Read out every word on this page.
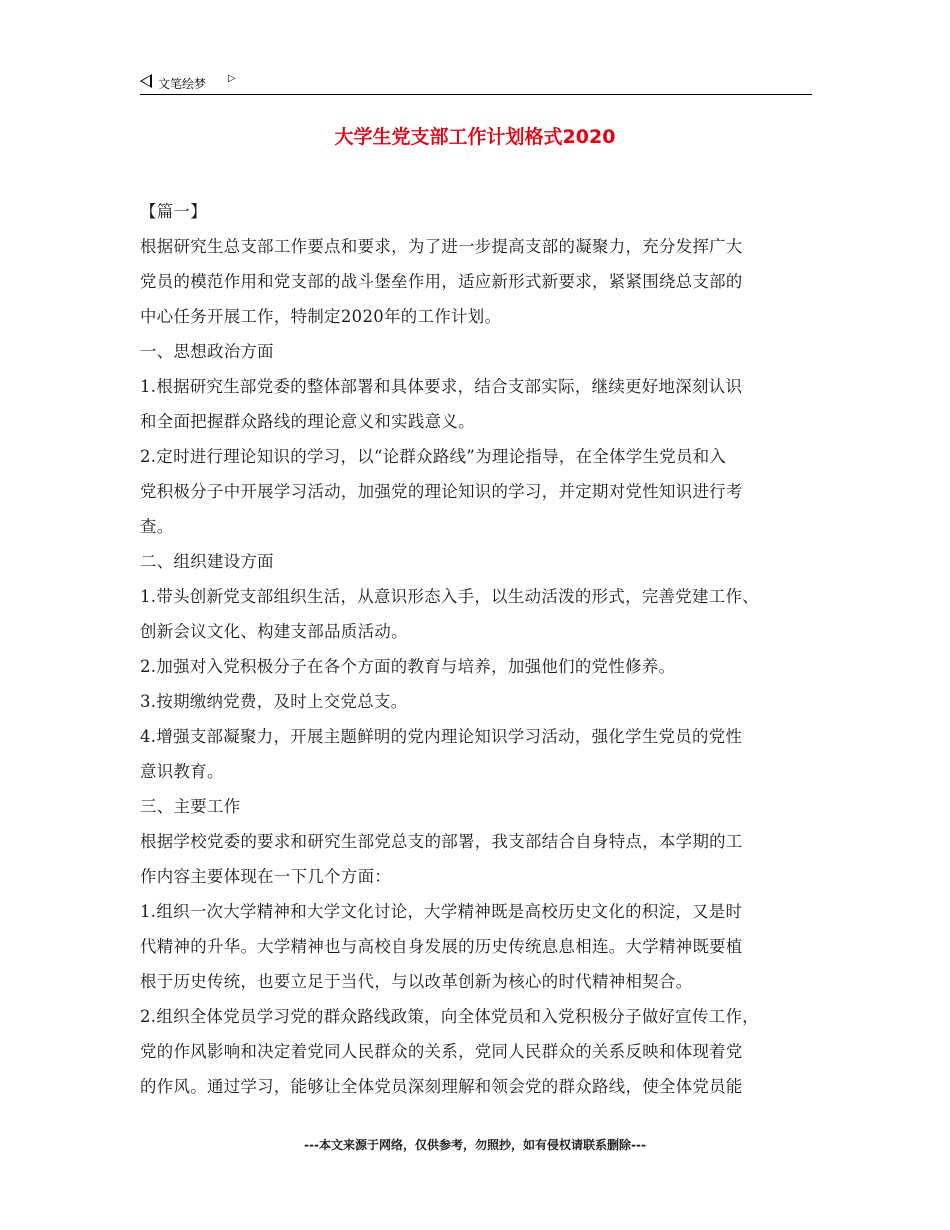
文笔绘梦 ▷
大学生党支部工作计划格式2020

【篇一】

根据研究生总支部工作要点和要求，为了进一步提高支部的凝聚力，充分发挥广大

党员的模范作用和党支部的战斗堡垒作用，适应新形式新要求，紧紧围绕总支部的

中心任务开展工作，特制定2020年的工作计划。

一、思想政治方面

1.根据研究生部党委的整体部署和具体要求，结合支部实际，继续更好地深刻认识

和全面把握群众路线的理论意义和实践意义。

2.定时进行理论知识的学习，以“论群众路线”为理论指导，在全体学生党员和入

党积极分子中开展学习活动，加强党的理论知识的学习，并定期对党性知识进行考

查。

二、组织建设方面

1.带头创新党支部组织生活，从意识形态入手，以生动活泼的形式，完善党建工作、

创新会议文化、构建支部品质活动。

2.加强对入党积极分子在各个方面的教育与培养，加强他们的党性修养。

3.按期缴纳党费，及时上交党总支。

4.增强支部凝聚力，开展主题鲜明的党内理论知识学习活动，强化学生党员的党性

意识教育。

三、主要工作

根据学校党委的要求和研究生部党总支的部署，我支部结合自身特点，本学期的工

作内容主要体现在一下几个方面：

1.组织一次大学精神和大学文化讨论，大学精神既是高校历史文化的积淀，又是时

代精神的升华。大学精神也与高校自身发展的历史传统息息相连。大学精神既要植

根于历史传统，也要立足于当代，与以改革创新为核心的时代精神相契合。

2.组织全体党员学习党的群众路线政策，向全体党员和入党积极分子做好宣传工作，

党的作风影响和决定着党同人民群众的关系，党同人民群众的关系反映和体现着党

的作风。通过学习，能够让全体党员深刻理解和领会党的群众路线，使全体党员能

---本文来源于网络，仅供参考，勿照抄，如有侵权请联系删除---
